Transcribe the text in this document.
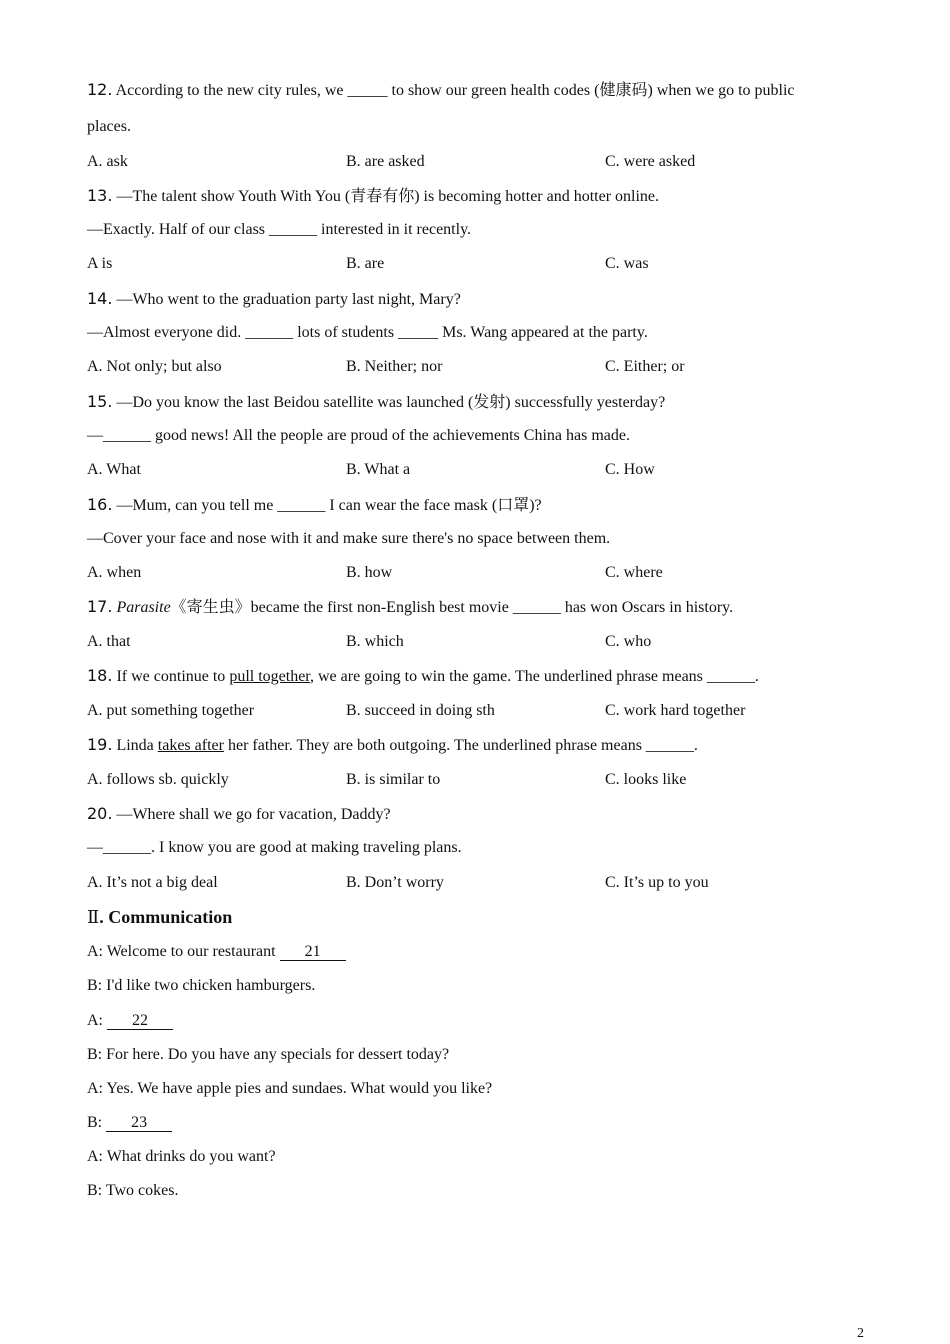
12. According to the new city rules, we _____ to show our green health codes (健康码) when we go to public
places.
A. ask	B. are asked	C. were asked
13. —The talent show Youth With You (青春有你) is becoming hotter and hotter online.
—Exactly. Half of our class ______ interested in it recently.
A is	B. are	C. was
14. —Who went to the graduation party last night, Mary?
—Almost everyone did. ______ lots of students _____ Ms. Wang appeared at the party.
A. Not only; but also	B. Neither; nor	C. Either; or
15. —Do you know the last Beidou satellite was launched (发射) successfully yesterday?
—______ good news! All the people are proud of the achievements China has made.
A. What	B. What a	C. How
16. —Mum, can you tell me ______ I can wear the face mask (口罩)?
—Cover your face and nose with it and make sure there's no space between them.
A. when	B. how	C. where
17. Parasite《寄生虫》became the first non-English best movie ______ has won Oscars in history.
A. that	B. which	C. who
18. If we continue to pull together, we are going to win the game. The underlined phrase means ______.
A. put something together	B. succeed in doing sth	C. work hard together
19. Linda takes after her father. They are both outgoing. The underlined phrase means ______.
A. follows sb. quickly	B. is similar to	C. looks like
20. —Where shall we go for vacation, Daddy?
—______. I know you are good at making traveling plans.
A. It’s not a big deal	B. Don’t worry	C. It’s up to you
Ⅱ. Communication
A: Welcome to our restaurant 21
B: I'd like two chicken hamburgers.
A: 22
B: For here. Do you have any specials for dessert today?
A: Yes. We have apple pies and sundaes. What would you like?
B: 23
A: What drinks do you want?
B: Two cokes.
2
